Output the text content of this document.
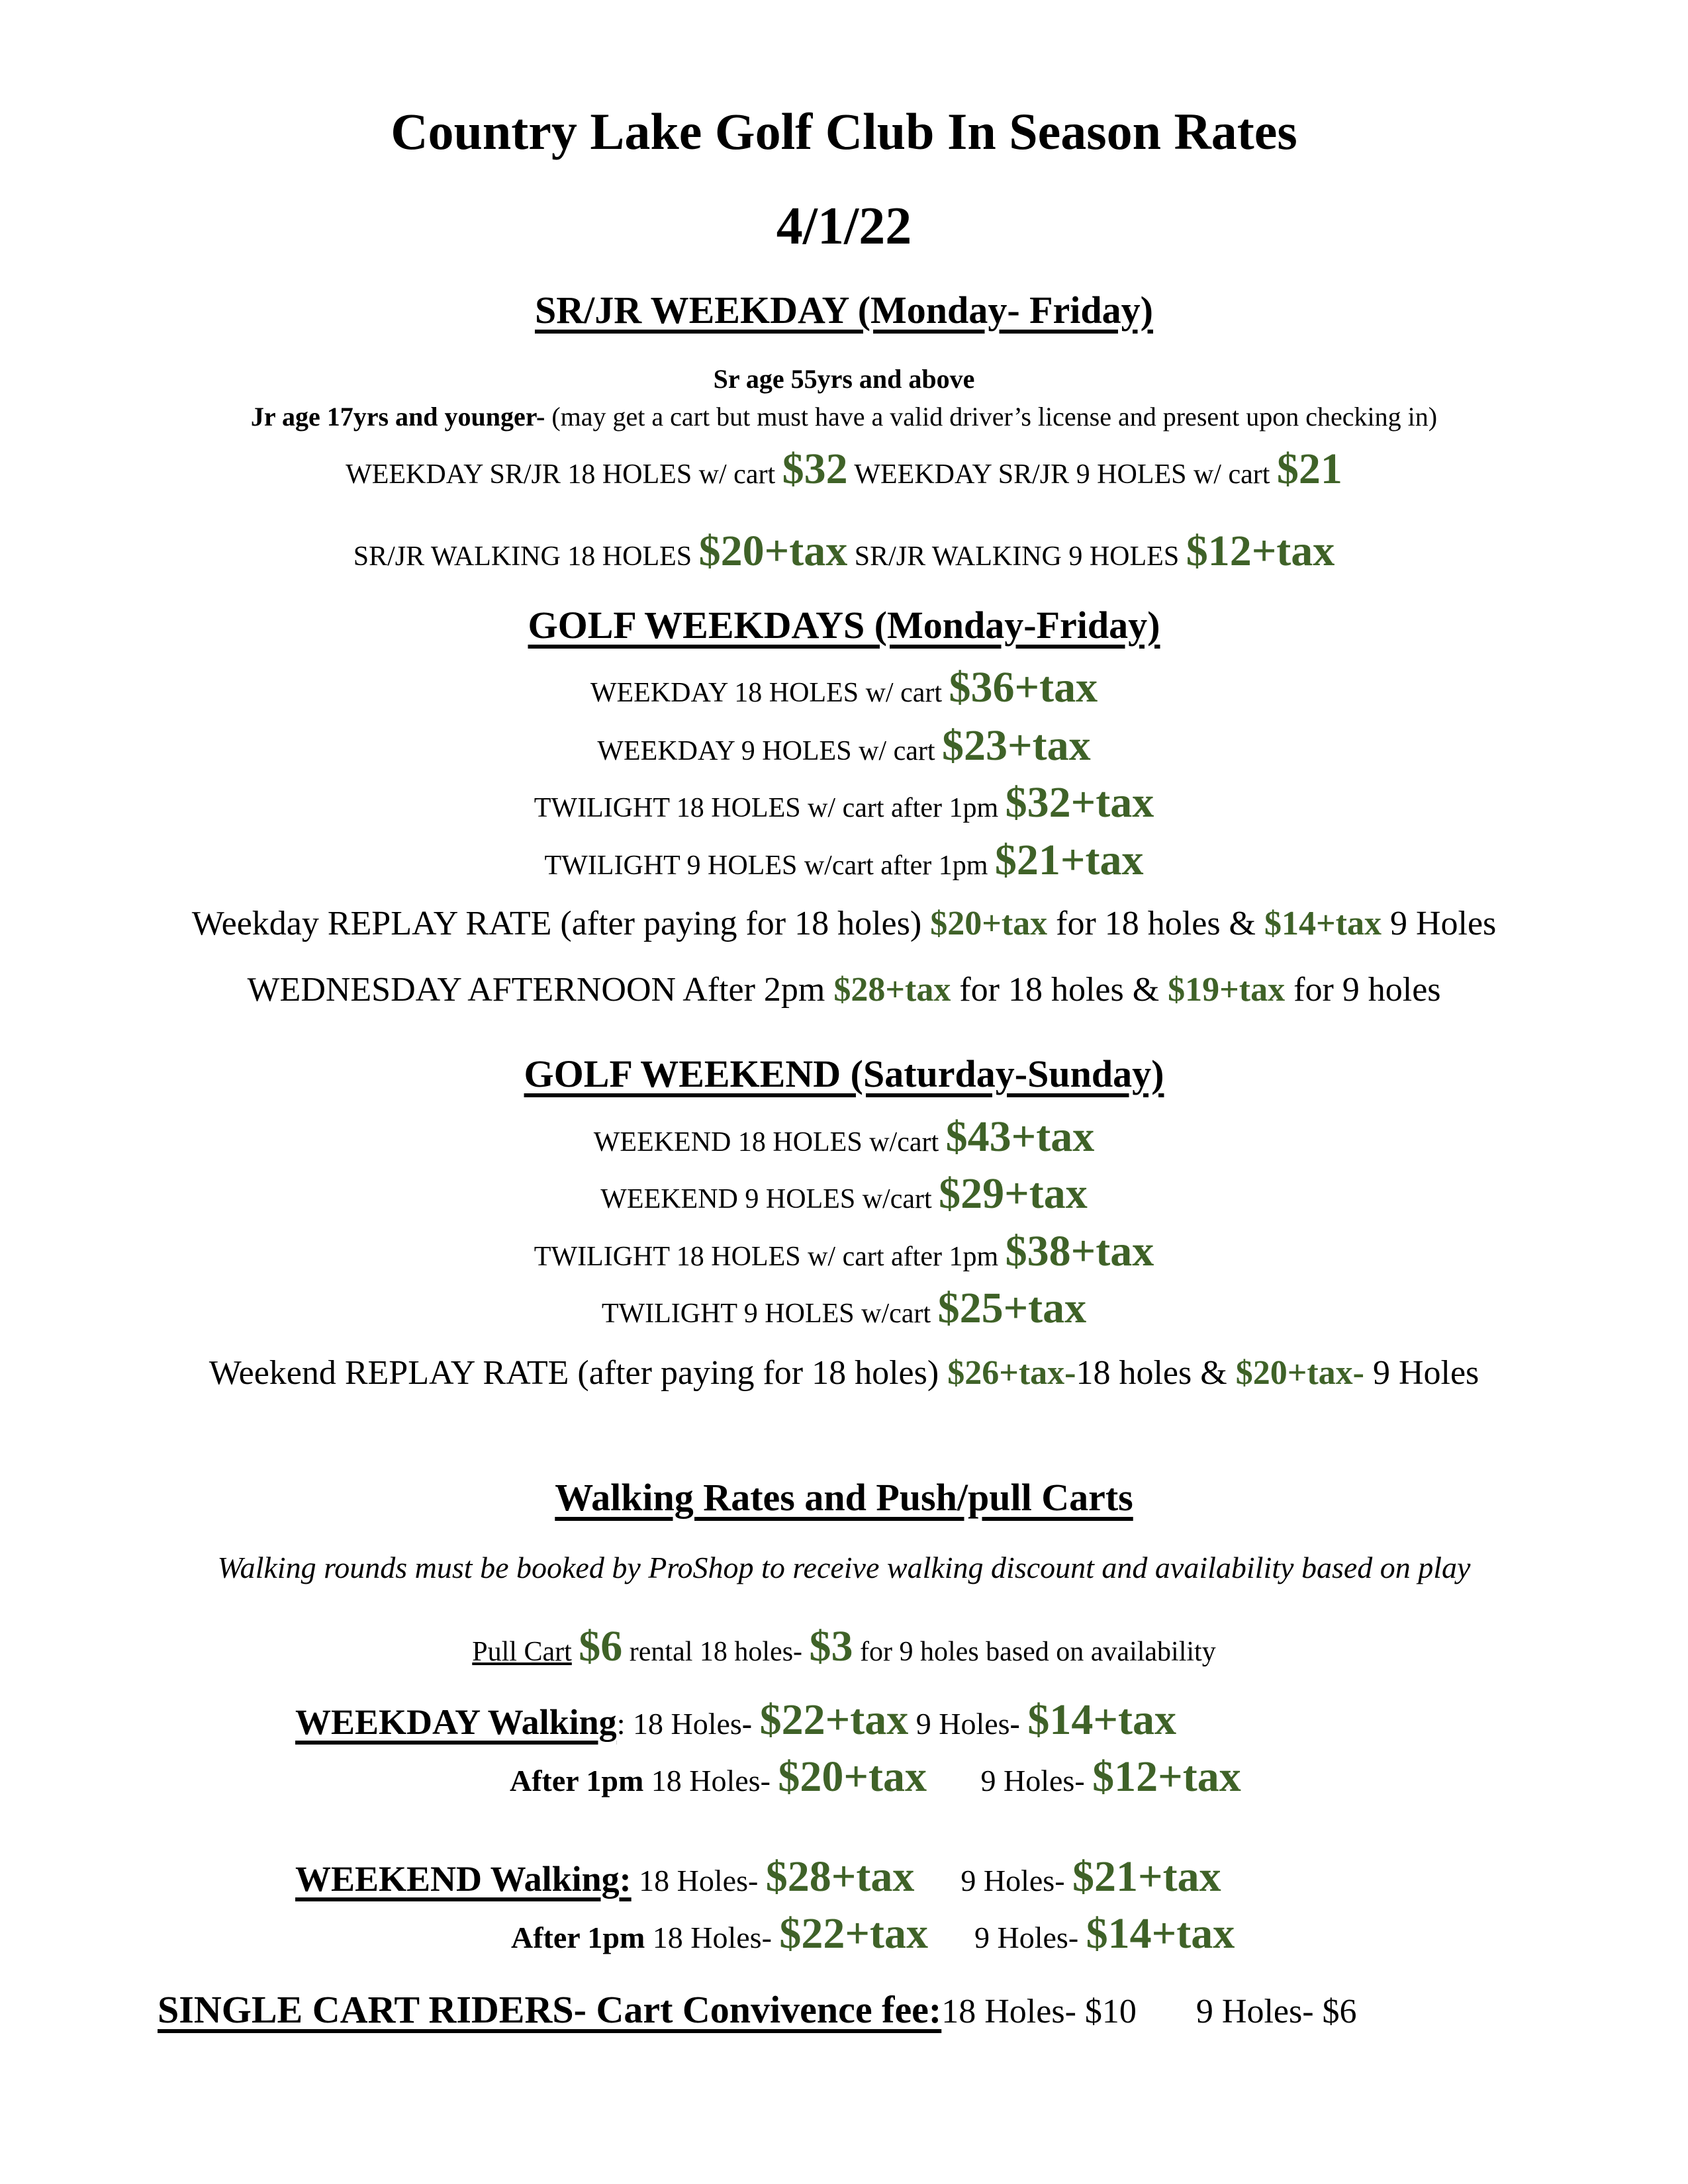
Country Lake Golf Club In Season Rates
4/1/22
SR/JR WEEKDAY (Monday- Friday)
Sr age 55yrs and above
Jr age 17yrs and younger- (may get a cart but must have a valid driver’s license and present upon checking in)
WEEKDAY SR/JR 18 HOLES w/ cart $32 WEEKDAY SR/JR 9 HOLES w/ cart $21
SR/JR WALKING 18 HOLES $20+tax SR/JR WALKING 9 HOLES $12+tax
GOLF WEEKDAYS (Monday-Friday)
WEEKDAY 18 HOLES w/ cart $36+tax
WEEKDAY 9 HOLES w/ cart $23+tax
TWILIGHT 18 HOLES w/ cart after 1pm $32+tax
TWILIGHT 9 HOLES w/cart after 1pm $21+tax
Weekday REPLAY RATE (after paying for 18 holes) $20+tax for 18 holes & $14+tax 9 Holes
WEDNESDAY AFTERNOON After 2pm $28+tax for 18 holes & $19+tax for 9 holes
GOLF WEEKEND (Saturday-Sunday)
WEEKEND 18 HOLES w/cart $43+tax
WEEKEND 9 HOLES w/cart $29+tax
TWILIGHT 18 HOLES w/ cart after 1pm $38+tax
TWILIGHT 9 HOLES w/cart $25+tax
Weekend REPLAY RATE (after paying for 18 holes) $26+tax-18 holes & $20+tax- 9 Holes
Walking Rates and Push/pull Carts
Walking rounds must be booked by ProShop to receive walking discount and availability based on play
Pull Cart $6 rental 18 holes- $3 for 9 holes based on availability
WEEKDAY Walking: 18 Holes- $22+tax 9 Holes- $14+tax
After 1pm 18 Holes- $20+tax 9 Holes- $12+tax
WEEKEND Walking: 18 Holes- $28+tax 9 Holes- $21+tax
After 1pm 18 Holes- $22+tax 9 Holes- $14+tax
SINGLE CART RIDERS- Cart Convivence fee:18 Holes- $10 9 Holes- $6
